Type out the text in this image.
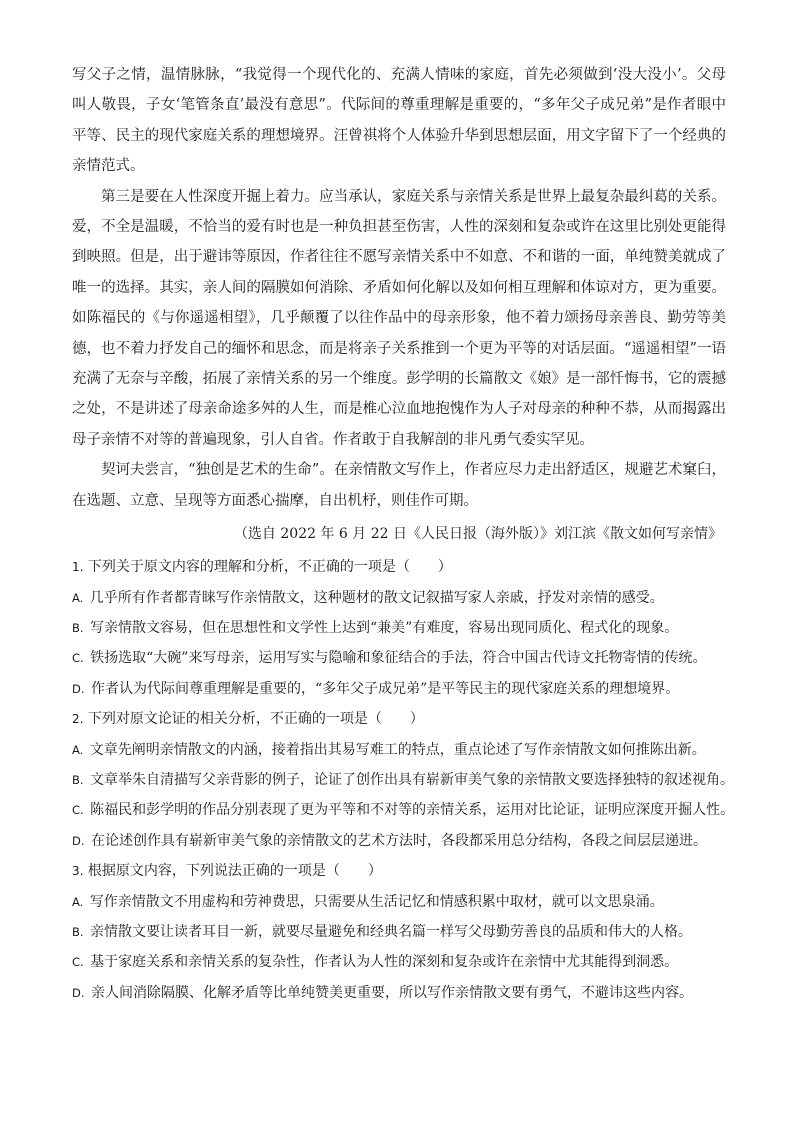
写父子之情，温情脉脉，“我觉得一个现代化的、充满人情味的家庭，首先必须做到‘没大没小’。父母叫人敬畏，子女‘笔管条直’最没有意思”。代际间的尊重理解是重要的，“多年父子成兄弟”是作者眼中平等、民主的现代家庭关系的理想境界。汪曾祺将个人体验升华到思想层面，用文字留下了一个经典的亲情范式。

第三是要在人性深度开掘上着力。应当承认，家庭关系与亲情关系是世界上最复杂最纠葛的关系。爱，不全是温暖，不恰当的爱有时也是一种负担甚至伤害，人性的深刻和复杂或许在这里比别处更能得到映照。但是，出于避讳等原因，作者往往不愿写亲情关系中不如意、不和谐的一面，单纯赞美就成了唯一的选择。其实，亲人间的隔膜如何消除、矛盾如何化解以及如何相互理解和体谅对方，更为重要。如陈福民的《与你遥遥相望》，几乎颠覆了以往作品中的母亲形象，他不着力颂扬母亲善良、勤劳等美德，也不着力抒发自己的缅怀和思念，而是将亲子关系推到一个更为平等的对话层面。“遥遥相望”一语充满了无奈与辛酸，拓展了亲情关系的另一个维度。彭学明的长篇散文《娘》是一部忏悔书，它的震撼之处，不是讲述了母亲命途多舛的人生，而是椎心泣血地抱愧作为人子对母亲的种种不恭，从而揭露出母子亲情不对等的普遍现象，引人自省。作者敢于自我解剖的非凡勇气委实罕见。

契诃夫尝言，“独创是艺术的生命”。在亲情散文写作上，作者应尽力走出舒适区，规避艺术窠臼，在选题、立意、呈现等方面悉心揣摩，自出机杼，则佳作可期。

（选自 2022 年 6 月 22 日《人民日报（海外版）》刘江滨《散文如何写亲情》

1. 下列关于原文内容的理解和分析，不正确的一项是（　　）

A. 几乎所有作者都青睐写作亲情散文，这种题材的散文记叙描写家人亲戚，抒发对亲情的感受。

B. 写亲情散文容易，但在思想性和文学性上达到“兼美”有难度，容易出现同质化、程式化的现象。

C. 铁扬选取“大碗”来写母亲，运用写实与隐喻和象征结合的手法，符合中国古代诗文托物寄情的传统。

D. 作者认为代际间尊重理解是重要的，“多年父子成兄弟”是平等民主的现代家庭关系的理想境界。

2. 下列对原文论证的相关分析，不正确的一项是（　　）

A. 文章先阐明亲情散文的内涵，接着指出其易写难工的特点，重点论述了写作亲情散文如何推陈出新。

B. 文章举朱自清描写父亲背影的例子，论证了创作出具有崭新审美气象的亲情散文要选择独特的叙述视角。

C. 陈福民和彭学明的作品分别表现了更为平等和不对等的亲情关系，运用对比论证，证明应深度开掘人性。

D. 在论述创作具有崭新审美气象的亲情散文的艺术方法时，各段都采用总分结构，各段之间层层递进。

3. 根据原文内容，下列说法正确的一项是（　　）

A. 写作亲情散文不用虚构和劳神费思，只需要从生活记忆和情感积累中取材，就可以文思泉涌。

B. 亲情散文要让读者耳目一新，就要尽量避免和经典名篇一样写父母勤劳善良的品质和伟大的人格。

C. 基于家庭关系和亲情关系的复杂性，作者认为人性的深刻和复杂或许在亲情中尤其能得到洞悉。

D. 亲人间消除隔膜、化解矛盾等比单纯赞美更重要，所以写作亲情散文要有勇气，不避讳这些内容。
